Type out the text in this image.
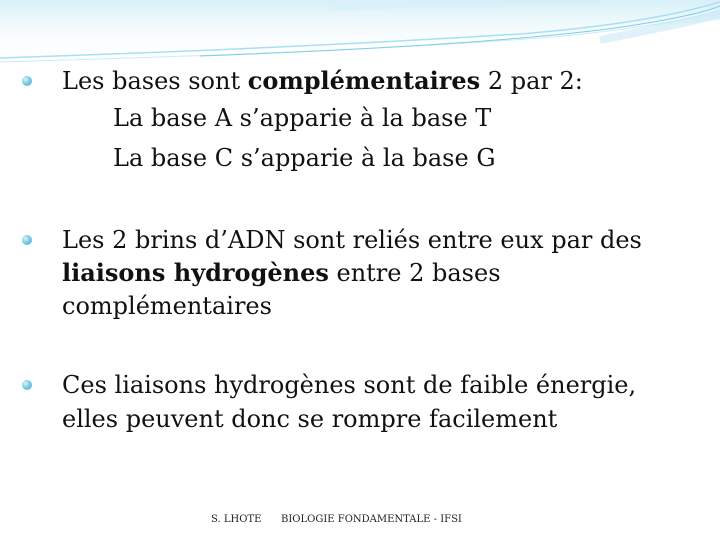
Les bases sont complémentaires 2 par 2:
La base A s’apparie à la base T
La base C s’apparie à la base G
Les 2 brins d’ADN sont reliés entre eux par des
liaisons hydrogènes entre 2 bases
complémentaires
Ces liaisons hydrogènes sont de faible énergie,
elles peuvent donc se rompre facilement
S. LHOTE BIOLOGIE FONDAMENTALE - IFSI
